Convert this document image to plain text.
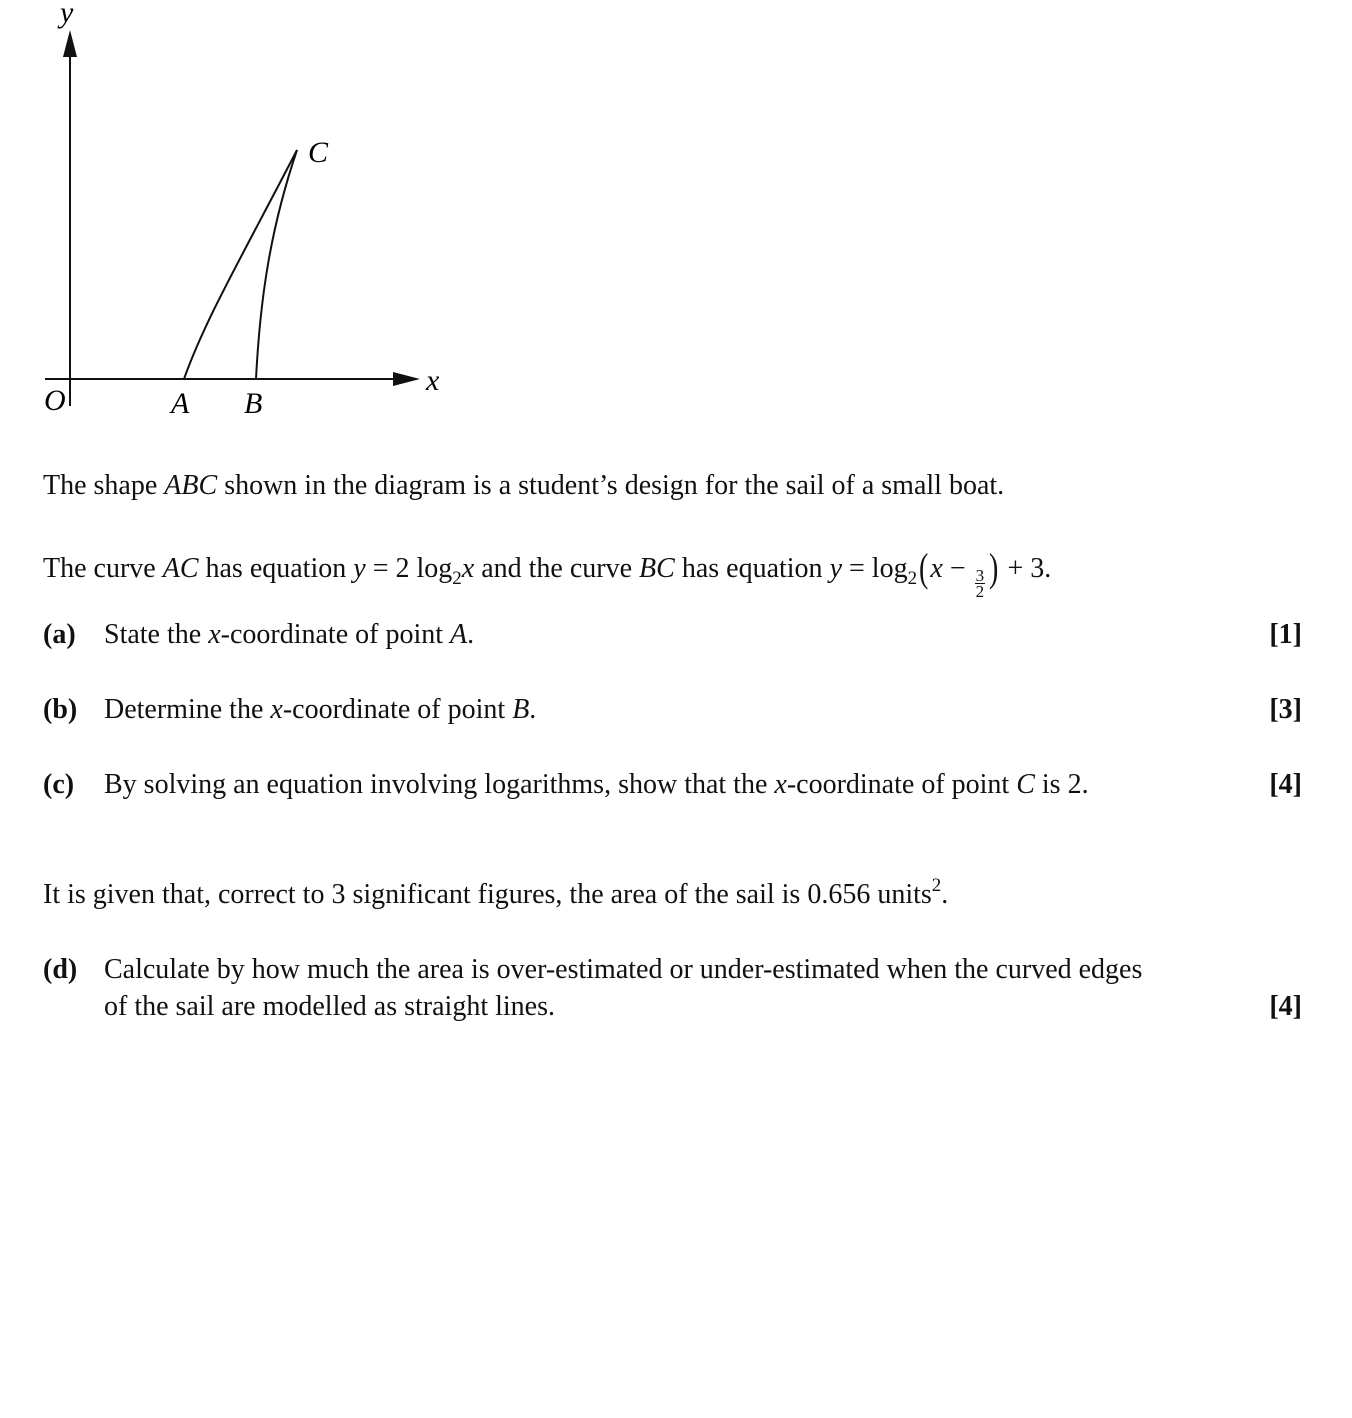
y
x
O	A B
C
The shape ABC shown in the diagram is a student’s design for the sail of a small boat.
The curve AC has equation y = 2 $\log_2x$ and the curve BC has equation $y = \log_2(x - \frac{3}{2}$ ) + 3.
(a) State the x-coordinate of point A.	[1]
(b) Determine the x-coordinate of point B.	[3]
(c) By solving an equation involving logarithms, show that the x-coordinate of point C is 2.	[4]
It is given that, correct to 3 significant figures, the area of the sail is 0.656 units$^2$.
(d) Calculate by how much the area is over-estimated or under-estimated when the curved edges
of the sail are modelled as straight lines.	[4]
